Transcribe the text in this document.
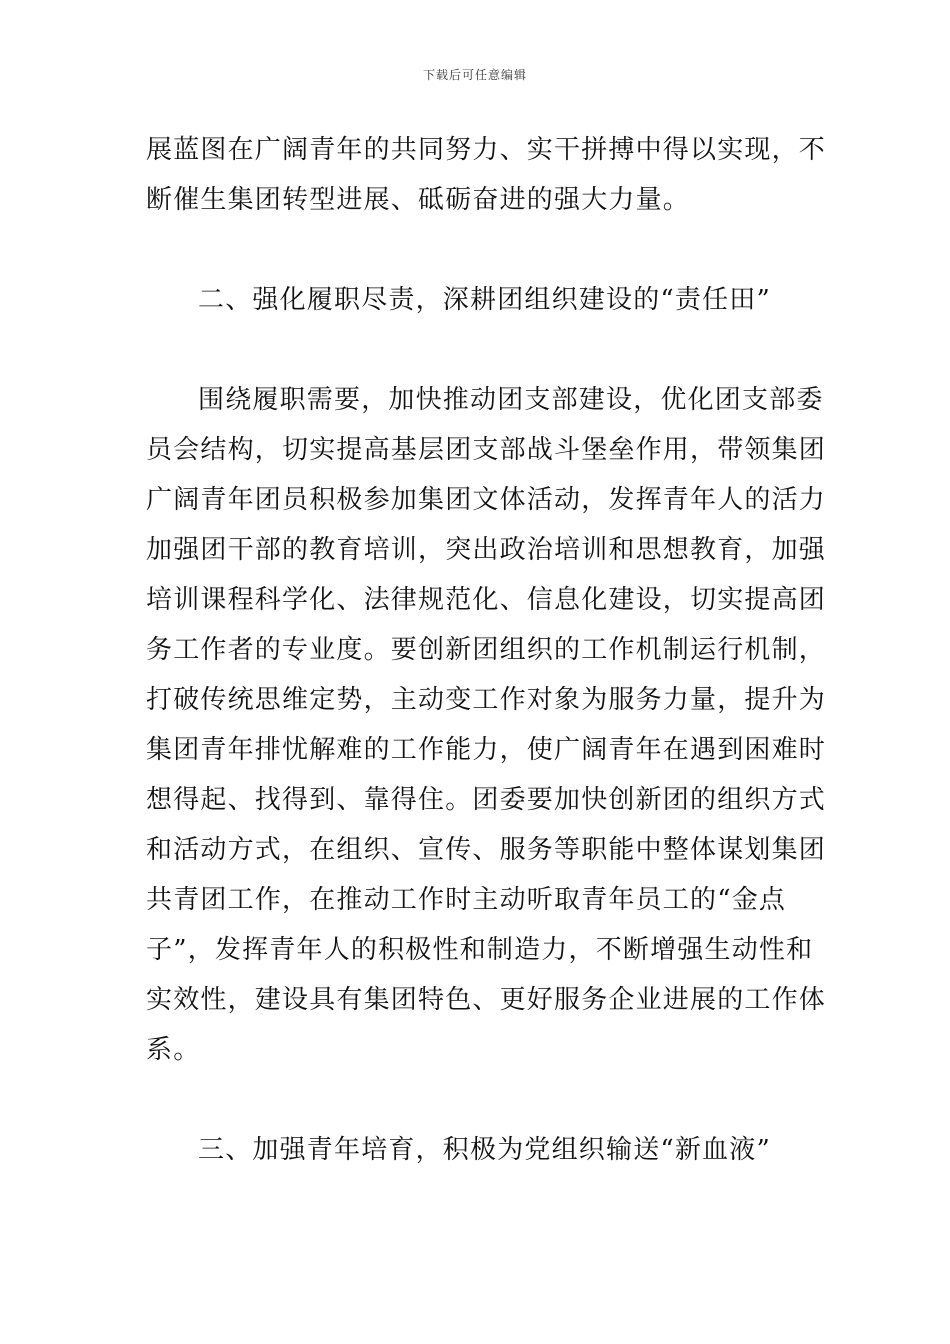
下载后可任意编辑
展蓝图在广阔青年的共同努力、实干拼搏中得以实现，不
断催生集团转型进展、砥砺奋进的强大力量。
二、强化履职尽责，深耕团组织建设的“责任田”
围绕履职需要，加快推动团支部建设，优化团支部委
员会结构，切实提高基层团支部战斗堡垒作用，带领集团
广阔青年团员积极参加集团文体活动，发挥青年人的活力
加强团干部的教育培训，突出政治培训和思想教育，加强
培训课程科学化、法律规范化、信息化建设，切实提高团
务工作者的专业度。要创新团组织的工作机制运行机制，
打破传统思维定势，主动变工作对象为服务力量，提升为
集团青年排忧解难的工作能力，使广阔青年在遇到困难时
想得起、找得到、靠得住。团委要加快创新团的组织方式
和活动方式，在组织、宣传、服务等职能中整体谋划集团
共青团工作，在推动工作时主动听取青年员工的“金点
子”，发挥青年人的积极性和制造力，不断增强生动性和
实效性，建设具有集团特色、更好服务企业进展的工作体
系。
三、加强青年培育，积极为党组织输送“新血液”
